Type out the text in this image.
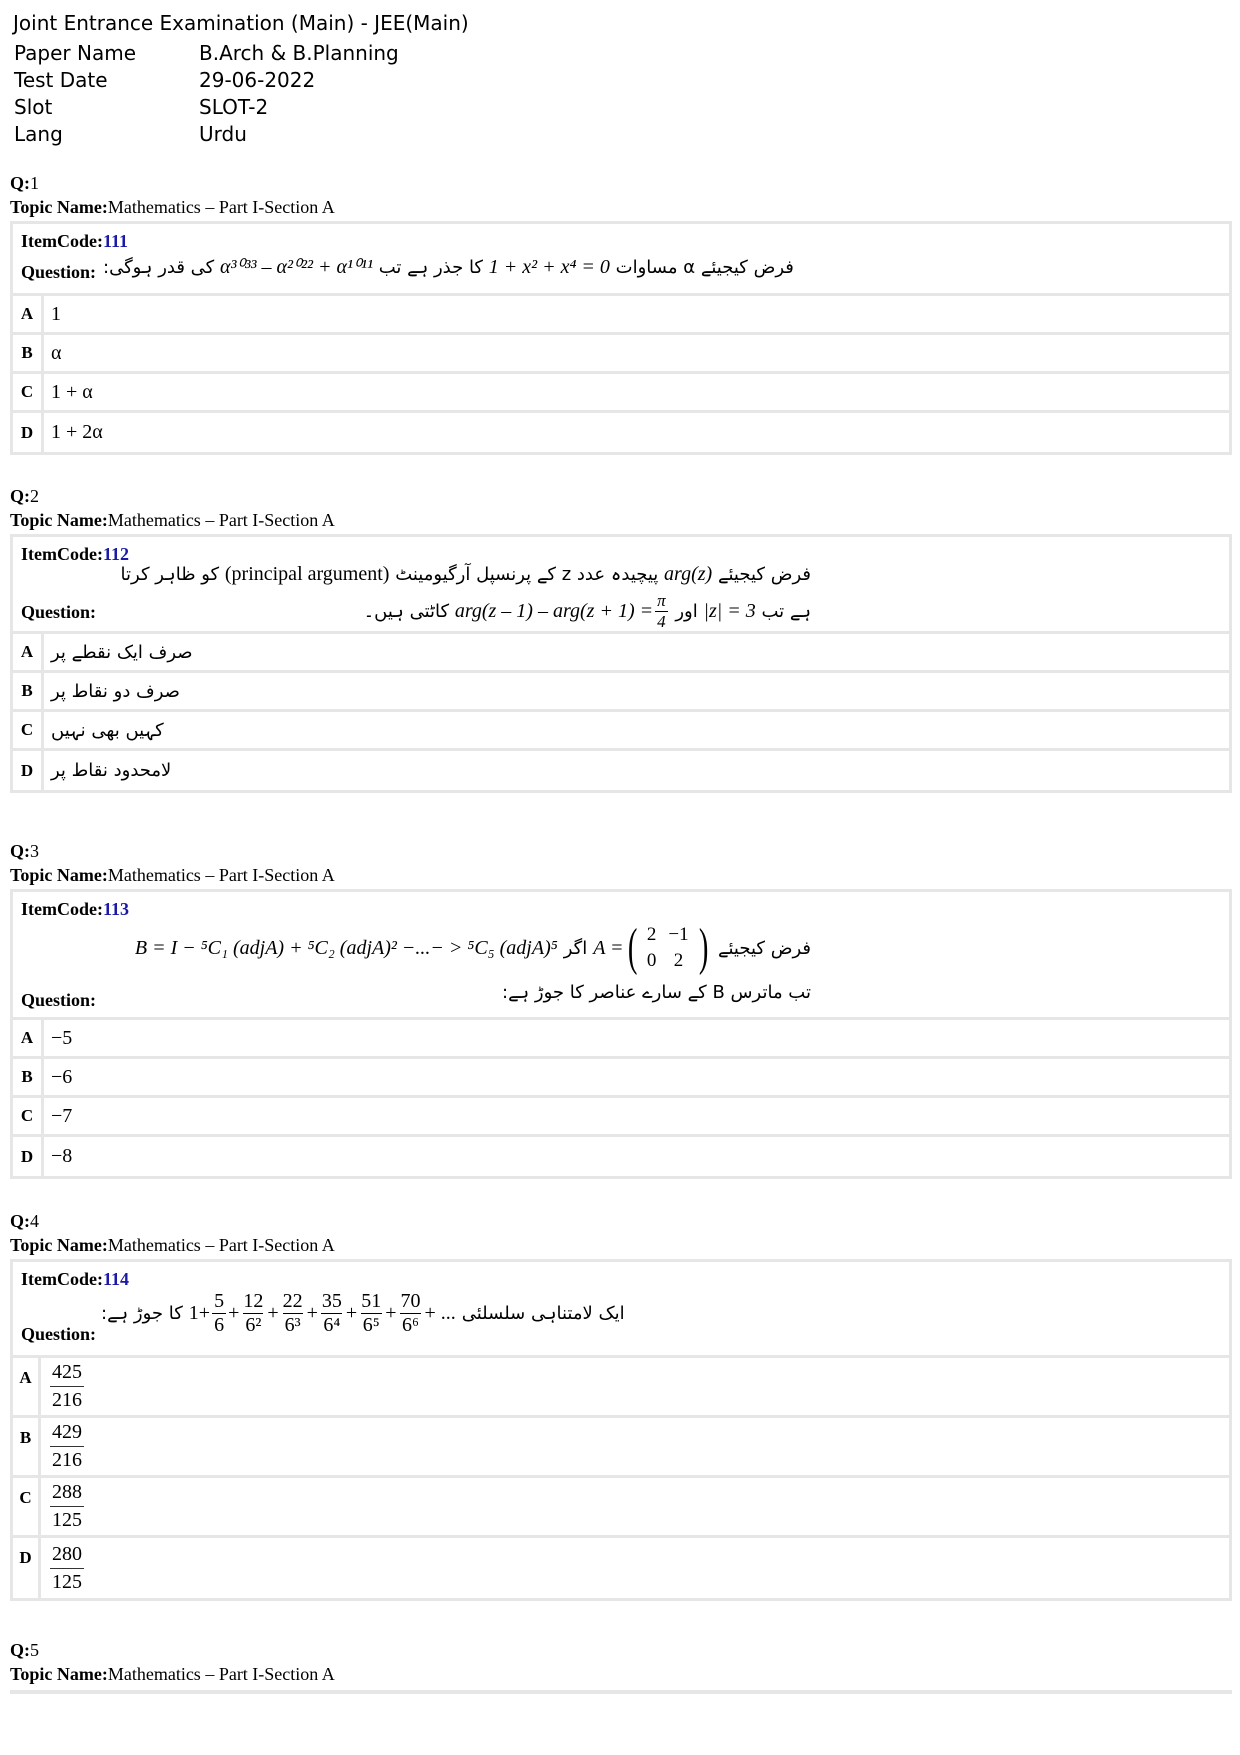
Joint Entrance Examination (Main) - JEE(Main)
Paper Name	B.Arch & B.Planning
Test Date	29-06-2022
Slot	SLOT-2
Lang	Urdu
Q:1
Topic Name:Mathematics – Part I-Section A
ItemCode:111
Question:	فرض کیجیئے α مساوات 1 + x² + x⁴ = 0 کا جذر ہے تب α³⁰³³ – α²⁰²² + α¹⁰¹¹ کی قدر ہوگی:
A 1
B α
C 1 + α
D 1 + 2α
Q:2
Topic Name:Mathematics – Part I-Section A
ItemCode:112
Question:
فرض کیجیئے arg(z) پیچیدہ عدد z کے پرنسپل آرگیومینٹ (principal argument) کو ظاہر کرتا
ہے تب |z| = 3 اور
$arg(z - 1) - arg(z + 1) = \frac{\pi}{4}$
کاٹتی ہیں۔
A صرف ایک نقطے پر
B	صرف دو نقاط پر
C کہیں بھی نہیں
D لامحدود نقاط پر
Q:3
Topic Name:Mathematics – Part I-Section A
ItemCode:113
Question:
فرض کیجیئے
A = ( 2	−1
0	2 )
اگر
B = I − ⁵C₁ (adjA) + ⁵C₂ (adjA)² −...− > ⁵C₅ (adjA)⁵
تب ماترس B کے سارے عناصر کا جوڑ ہے:
A −5
B −6
C −7
D −8
Q:4
Topic Name:Mathematics – Part I-Section A
ItemCode:114
Question:
کا جوڑ ہے: $1+ \frac{5}{6} + \frac{12}{\text{6²}} + \frac{22}{\text{6³}} + \frac{35}{\text{6⁴}} + \frac{51}{\text{6⁵}} + \frac{70}{\text{6⁶}}$ + ... ایک لامتناہی سلسلئی
A $\frac{425}{216}$
B $\frac{429}{216}$
C $\frac{288}{125}$
D $\frac{280}{125}$
Q:5
Topic Name:Mathematics – Part I-Section A
